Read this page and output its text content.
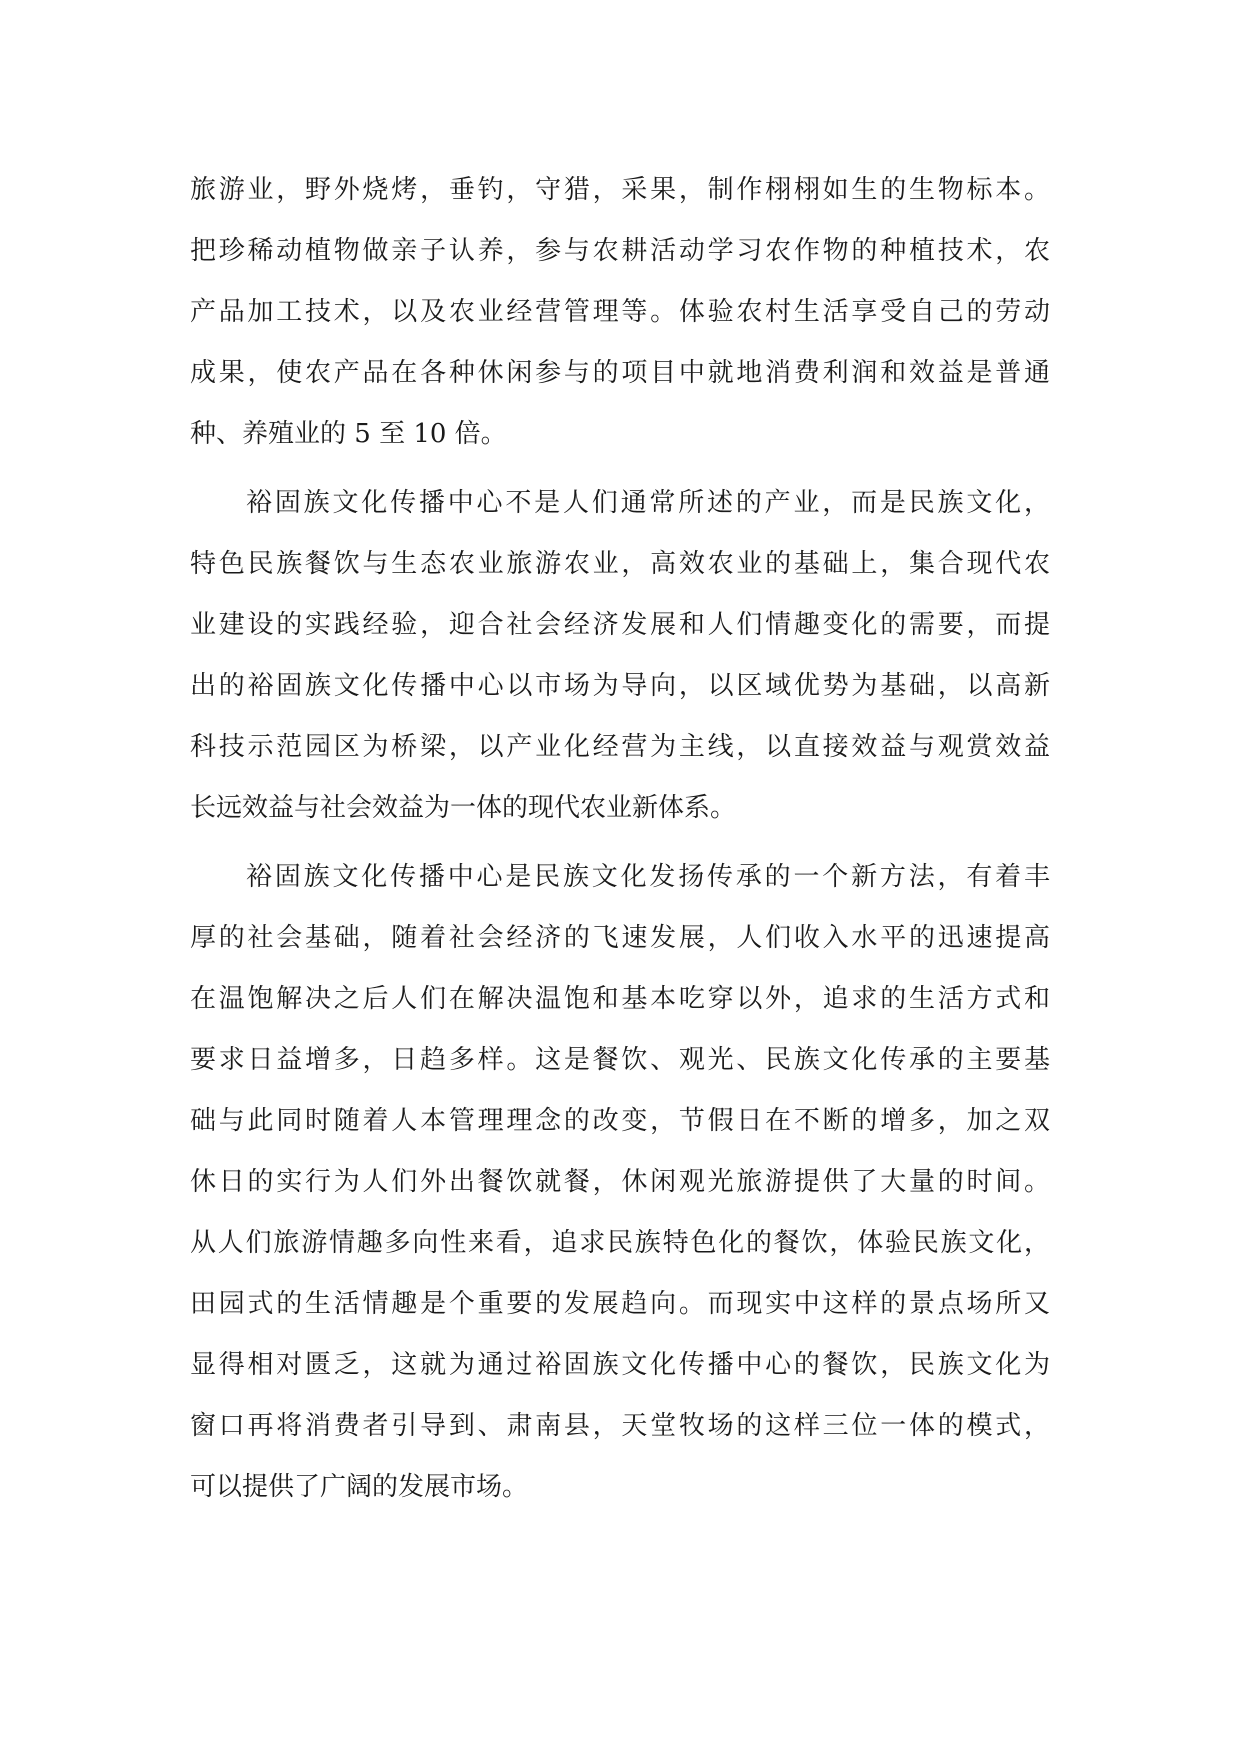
旅游业，野外烧烤，垂钓，守猎，采果，制作栩栩如生的生物标本。
把珍稀动植物做亲子认养，参与农耕活动学习农作物的种植技术，农
产品加工技术，以及农业经营管理等。体验农村生活享受自己的劳动
成果，使农产品在各种休闲参与的项目中就地消费利润和效益是普通
种、养殖业的 5 至 10 倍。
裕固族文化传播中心不是人们通常所述的产业，而是民族文化，
特色民族餐饮与生态农业旅游农业，高效农业的基础上，集合现代农
业建设的实践经验，迎合社会经济发展和人们情趣变化的需要，而提
出的裕固族文化传播中心以市场为导向，以区域优势为基础，以高新
科技示范园区为桥梁，以产业化经营为主线，以直接效益与观赏效益
长远效益与社会效益为一体的现代农业新体系。
裕固族文化传播中心是民族文化发扬传承的一个新方法，有着丰
厚的社会基础，随着社会经济的飞速发展，人们收入水平的迅速提高
在温饱解决之后人们在解决温饱和基本吃穿以外，追求的生活方式和
要求日益增多，日趋多样。这是餐饮、观光、民族文化传承的主要基
础与此同时随着人本管理理念的改变，节假日在不断的增多，加之双
休日的实行为人们外出餐饮就餐，休闲观光旅游提供了大量的时间。
从人们旅游情趣多向性来看，追求民族特色化的餐饮，体验民族文化，
田园式的生活情趣是个重要的发展趋向。而现实中这样的景点场所又
显得相对匮乏，这就为通过裕固族文化传播中心的餐饮，民族文化为
窗口再将消费者引导到、肃南县，天堂牧场的这样三位一体的模式，
可以提供了广阔的发展市场。
